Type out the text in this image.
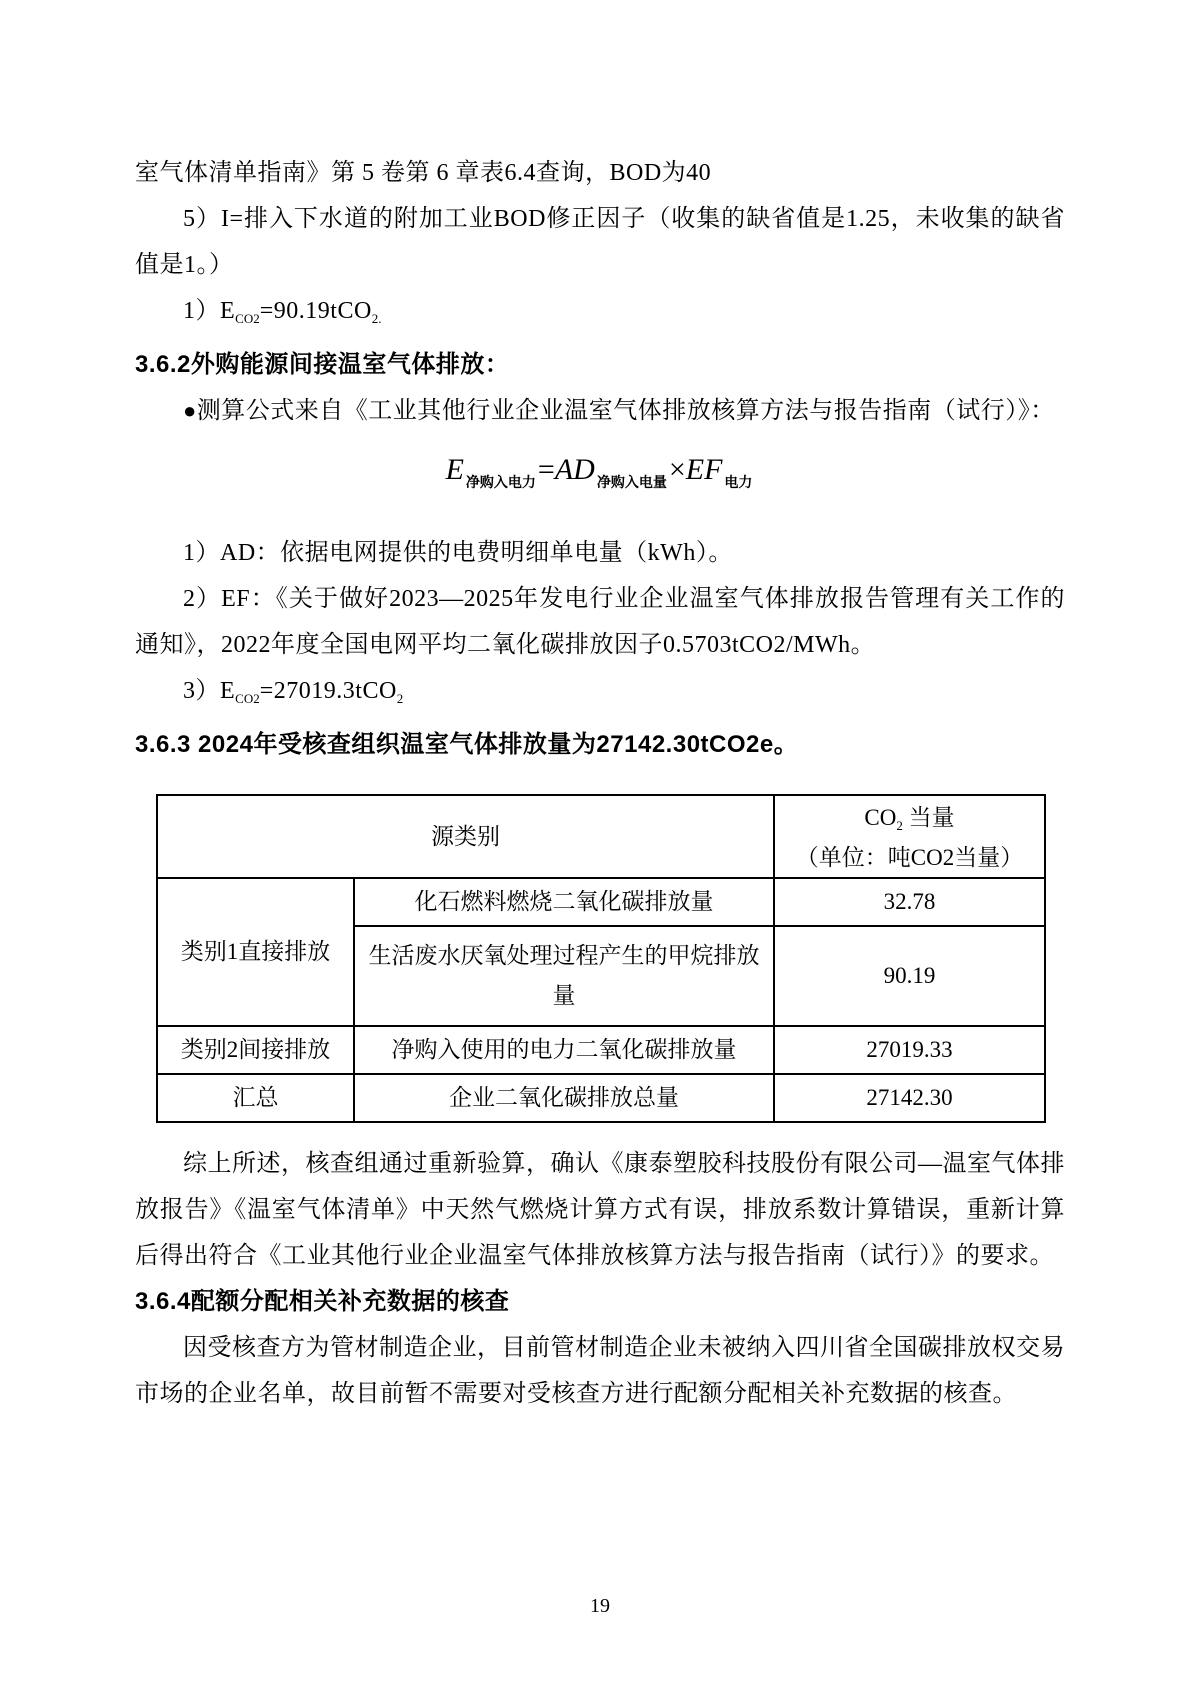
室气体清单指南》第 5 卷第 6 章表6.4查询，BOD为40

5）I=排入下水道的附加工业BOD修正因子（收集的缺省值是1.25，未收集的缺省值是1。）

$1)E_{CO2}=90.19tCO_{2.}$

3.6.2外购能源间接温室气体排放：

●测算公式来自《工业其他行业企业温室气体排放核算方法与报告指南（试行）》：

E $_{净购入电力}$=AD $_{净购入电量}$×EF $_{电力}$

1）AD：依据电网提供的电费明细单电量（kWh）。

2）EF：《关于做好2023—2025年发电行业企业温室气体排放报告管理有关工作的通知》，2022年度全国电网平均二氧化碳排放因子0.5703tCO2/MWh。

$3)E_{CO2}=27019.3tCO_2$

3.6.3 2024年受核查组织温室气体排放量为27142.30tCO2e。
源类别		$CO_2$ 当量
（单位：吨CO2当量）

类别1直接排放	化石燃料燃烧二氧化碳排放量	32.78
	生活废水厌氧处理过程产生的甲烷排放量	90.19
类别2间接排放	净购入使用的电力二氧化碳排放量	27019.33
汇总	企业二氧化碳排放总量	27142.30

综上所述，核查组通过重新验算，确认《康泰塑胶科技股份有限公司—温室气体排放报告》《温室气体清单》中天然气燃烧计算方式有误，排放系数计算错误，重新计算后得出符合《工业其他行业企业温室气体排放核算方法与报告指南（试行）》的要求。

3.6.4配额分配相关补充数据的核查

因受核查方为管材制造企业，目前管材制造企业未被纳入四川省全国碳排放权交易市场的企业名单，故目前暂不需要对受核查方进行配额分配相关补充数据的核查。

19
